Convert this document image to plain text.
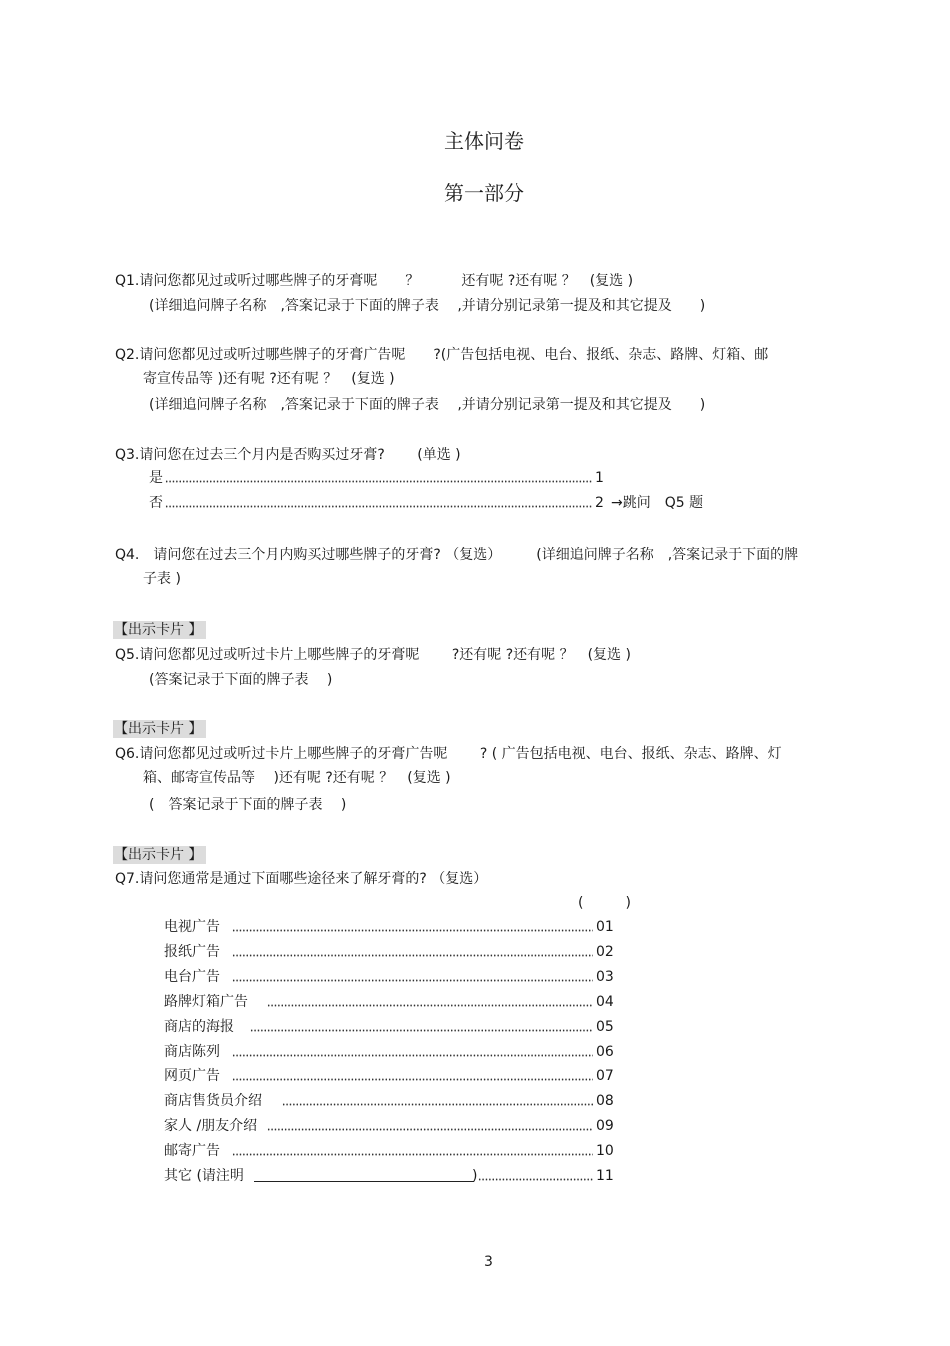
主体问卷
第一部分
Q1.请问您都见过或听过哪些牌子的牙膏呢　　？　　　还有呢 ?还有呢 ？　(复选 )
(详细追问牌子名称　,答案记录于下面的牌子表　 ,并请分别记录第一提及和其它提及　　)
Q2.请问您都见过或听过哪些牌子的牙膏广告呢　　?(广告包括电视、电台、报纸、杂志、路牌、灯箱、邮
寄宣传品等 )还有呢 ?还有呢 ？　(复选 )
(详细追问牌子名称　,答案记录于下面的牌子表　 ,并请分别记录第一提及和其它提及　　)
Q3.请问您在过去三个月内是否购买过牙膏?　　 (单选 )
是	1
否	2 →跳问　Q5 题
Q4.　请问您在过去三个月内购买过哪些牌子的牙膏? （复选）　　　(详细追问牌子名称　,答案记录于下面的牌
子表 )
【出示卡片 】
Q5.请问您都见过或听过卡片上哪些牌子的牙膏呢　　 ?还有呢 ?还有呢 ？　(复选 )
(答案记录于下面的牌子表　 )
【出示卡片 】
Q6.请问您都见过或听过卡片上哪些牌子的牙膏广告呢　　 ? ( 广告包括电视、电台、报纸、杂志、路牌、灯
箱、邮寄宣传品等　 )还有呢 ?还有呢 ？　(复选 )
(　答案记录于下面的牌子表　 )
【出示卡片 】
Q7.请问您通常是通过下面哪些途径来了解牙膏的? （复选）
(　　　)
电视广告	01
报纸广告	02
电台广告	03
路牌灯箱广告	04
商店的海报	05
商店陈列	06
网页广告	07
商店售货员介绍	08
家人 /朋友介绍	09
邮寄广告	10
其它 (请注明	)	11
3
